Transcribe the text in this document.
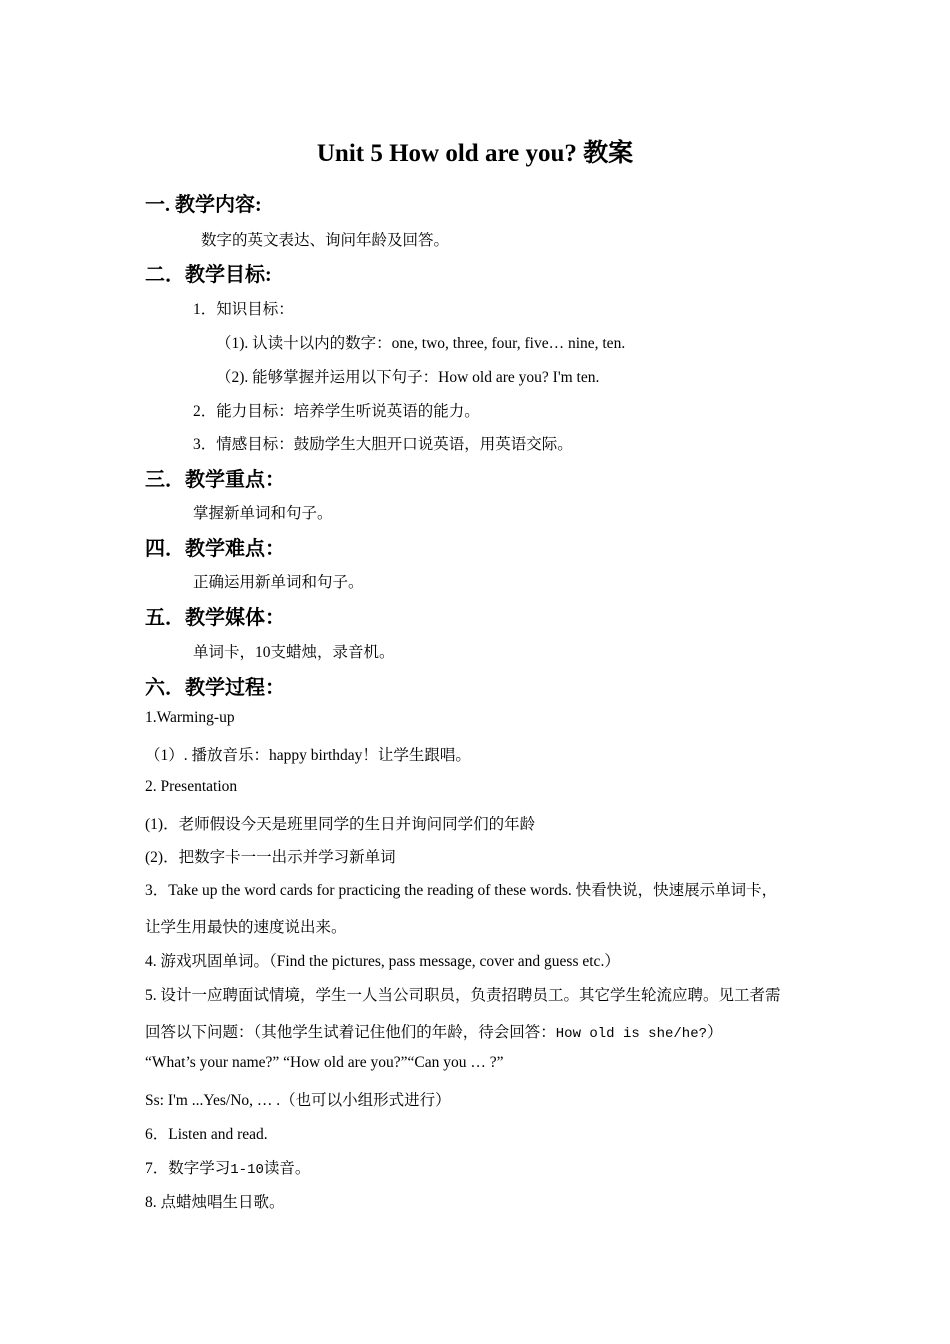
Unit 5 How old are you? 教案
一. 教学内容:

数字的英文表达、询问年龄及回答。

二．教学目标:

1．知识目标：

（1). 认读十以内的数字：one, two, three, four, five… nine, ten.

（2). 能够掌握并运用以下句子：How old are you? I'm ten.

2．能力目标：培养学生听说英语的能力。

3．情感目标：鼓励学生大胆开口说英语，用英语交际。

三．教学重点：

掌握新单词和句子。

四．教学难点：

正确运用新单词和句子。

五．教学媒体：

单词卡，10支蜡烛，录音机。

六．教学过程：

1.Warming-up

（1）. 播放音乐：happy birthday！让学生跟唱。

2. Presentation

(1)．老师假设今天是班里同学的生日并询问同学们的年龄

(2)．把数字卡一一出示并学习新单词

3．Take up the word cards for practicing the reading of these words. 快看快说，快速展示单词卡，

让学生用最快的速度说出来。

4. 游戏巩固单词。（Find the pictures, pass message, cover and guess etc.）

5. 设计一应聘面试情境，学生一人当公司职员，负责招聘员工。其它学生轮流应聘。见工者需

回答以下问题：（其他学生试着记住他们的年龄，待会回答：How old is she/he?）

“What’s your name?” “How old are you?”“Can you … ?”

Ss: I'm ...Yes/No, … .（也可以小组形式进行）

6．Listen and read.

7．数字学习1-10读音。

8. 点蜡烛唱生日歌。
